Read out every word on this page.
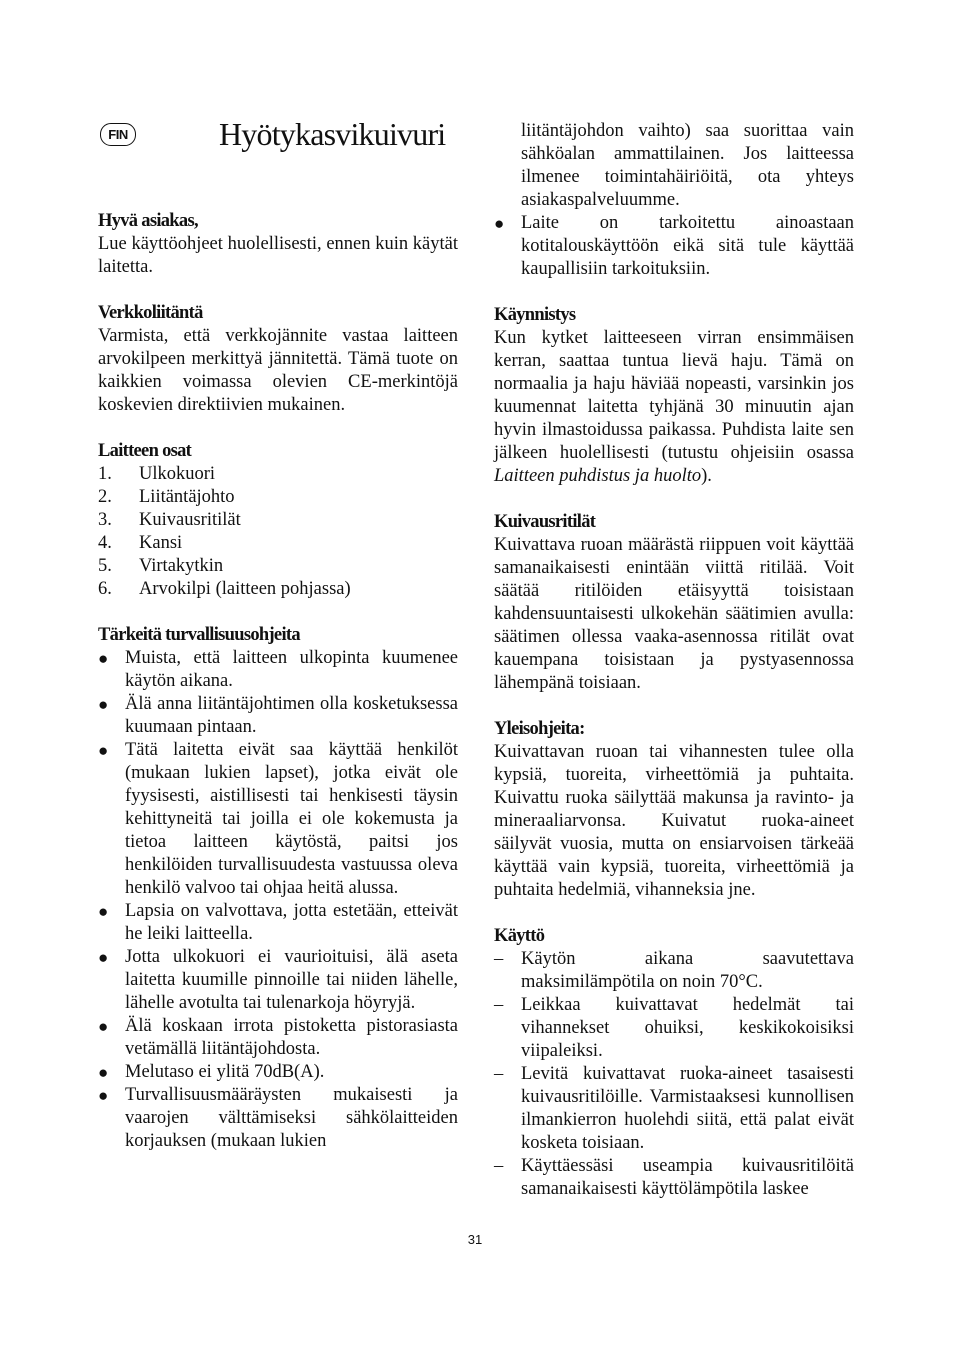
FIN	Hyötykasvikuivuri
Hyvä asiakas,
Lue käyttöohjeet huolellisesti, ennen kuin käytät laitetta.
Verkkoliitäntä
Varmista, että verkkojännite vastaa laitteen arvokilpeen merkittyä jännitettä. Tämä tuote on kaikkien voimassa olevien CE-merkintöjä koskevien direktiivien mukainen.
Laitteen osat
1. Ulkokuori
2. Liitäntäjohto
3. Kuivausritilät
4. Kansi
5. Virtakytkin
6. Arvokilpi (laitteen pohjassa)
Tärkeitä turvallisuusohjeita
● Muista, että laitteen ulkopinta kuumenee käytön aikana.
● Älä anna liitäntäjohtimen olla kosketuksessa kuumaan pintaan.
● Tätä laitetta eivät saa käyttää henkilöt (mukaan lukien lapset), jotka eivät ole fyysisesti, aistillisesti tai henkisesti täysin kehittyneitä tai joilla ei ole kokemusta ja tietoa laitteen käytöstä, paitsi jos henkilöiden turvallisuudesta vastuussa oleva henkilö valvoo tai ohjaa heitä alussa.
● Lapsia on valvottava, jotta estetään, etteivät he leiki laitteella.
● Jotta ulkokuori ei vaurioituisi, älä aseta laitetta kuumille pinnoille tai niiden lähelle, lähelle avotulta tai tulenarkoja höyryjä.
● Älä koskaan irrota pistoketta pistorasiasta vetämällä liitäntäjohdosta.
● Melutaso ei ylitä 70dB(A).
● Turvallisuusmääräysten mukaisesti ja vaarojen välttämiseksi sähkölaitteiden korjauksen (mukaan lukien
liitäntäjohdon vaihto) saa suorittaa vain sähköalan ammattilainen. Jos laitteessa ilmenee toimintahäiriöitä, ota yhteys asiakaspalveluumme.
● Laite on tarkoitettu ainoastaan kotitalouskäyttöön eikä sitä tule käyttää kaupallisiin tarkoituksiin.
Käynnistys
Kun kytket laitteeseen virran ensimmäisen kerran, saattaa tuntua lievä haju. Tämä on normaalia ja haju häviää nopeasti, varsinkin jos kuumennat laitetta tyhjänä 30 minuutin ajan hyvin ilmastoidussa paikassa. Puhdista laite sen jälkeen huolellisesti (tutustu ohjeisiin osassa Laitteen puhdistus ja huolto).
Kuivausritilät
Kuivattava ruoan määrästä riippuen voit käyttää samanaikaisesti enintään viittä ritilää. Voit säätää ritilöiden etäisyyttä toisistaan kahdensuuntaisesti ulkokehän säätimien avulla: säätimen ollessa vaaka-asennossa ritilät ovat kauempana toisistaan ja pystyasennossa lähempänä toisiaan.
Yleisohjeita:
Kuivattavan ruoan tai vihannesten tulee olla kypsiä, tuoreita, virheettömiä ja puhtaita. Kuivattu ruoka säilyttää makunsa ja ravinto- ja mineraaliarvonsa. Kuivatut ruoka-aineet säilyvät vuosia, mutta on ensiarvoisen tärkeää käyttää vain kypsiä, tuoreita, virheettömiä ja puhtaita hedelmiä, vihanneksia jne.
Käyttö
– Käytön aikana saavutettava maksimilämpötila on noin 70°C.
– Leikkaa kuivattavat hedelmät tai vihannekset ohuiksi, keskikokoisiksi viipaleiksi.
– Levitä kuivattavat ruoka-aineet tasaisesti kuivausritilöille. Varmistaaksesi kunnollisen ilmankierron huolehdi siitä, että palat eivät kosketa toisiaan.
– Käyttäessäsi useampia kuivausritilöitä samanaikaisesti käyttölämpötila laskee
31
